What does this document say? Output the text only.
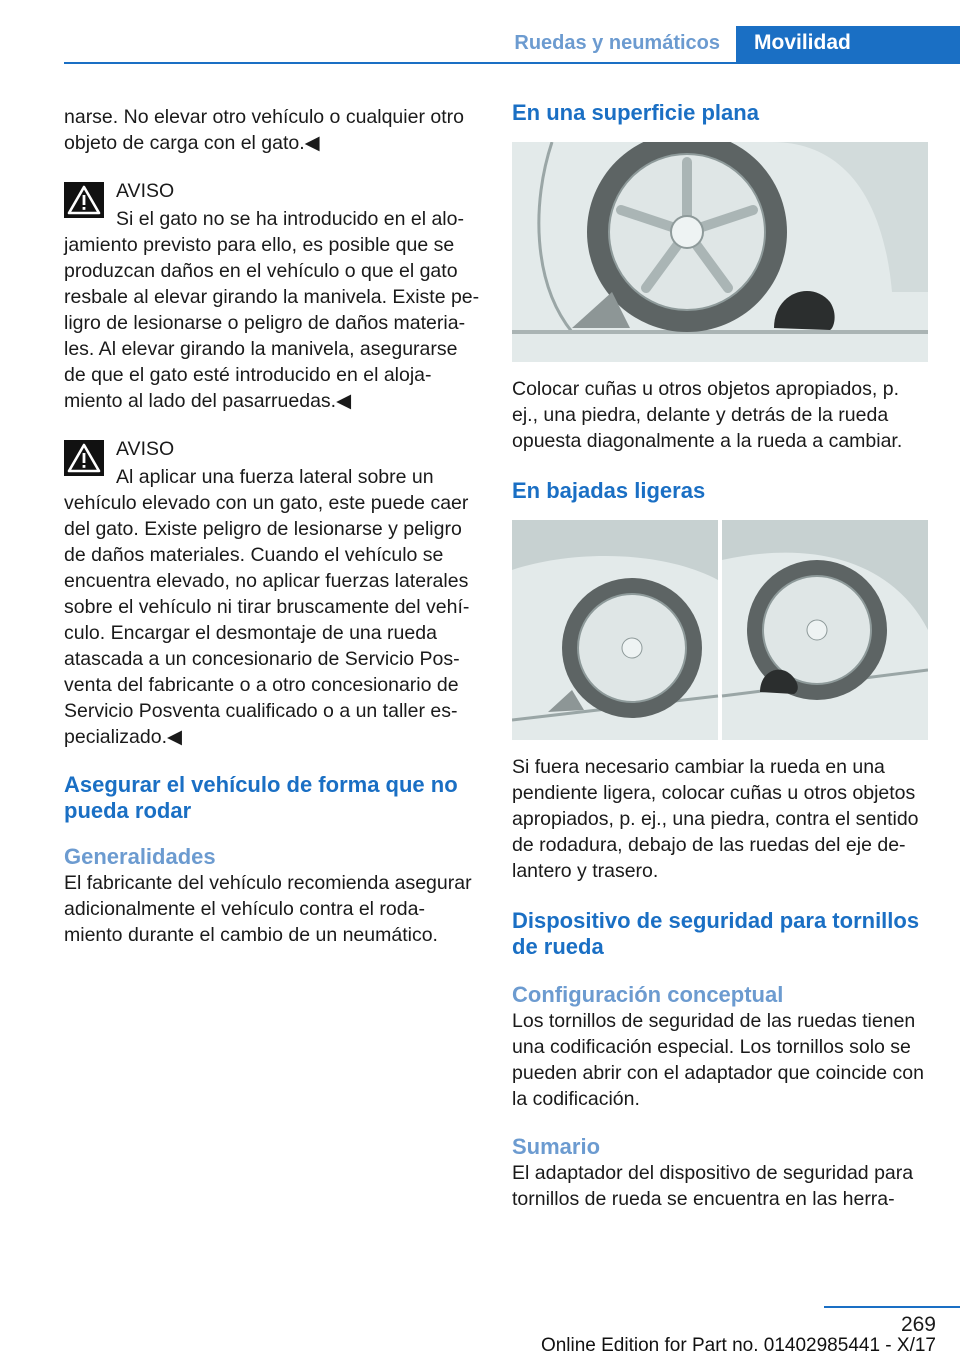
Ruedas y neumáticos	Movilidad

narse. No elevar otro vehículo o cualquier otro objeto de carga con el gato.◀

AVISO

Si el gato no se ha introducido en el alo-jamiento previsto para ello, es posible que se produzcan daños en el vehículo o que el gato resbale al elevar girando la manivela. Existe pe-ligro de lesionarse o peligro de daños materia-les. Al elevar girando la manivela, asegurarse de que el gato esté introducido en el aloja-miento al lado del pasarruedas.◀

AVISO

Al aplicar una fuerza lateral sobre un vehículo elevado con un gato, este puede caer del gato. Existe peligro de lesionarse y peligro de daños materiales. Cuando el vehículo se encuentra elevado, no aplicar fuerzas laterales sobre el vehículo ni tirar bruscamente del vehí-culo. Encargar el desmontaje de una rueda atascada a un concesionario de Servicio Pos-venta del fabricante o a otro concesionario de Servicio Posventa cualificado o a un taller es-pecializado.◀

Asegurar el vehículo de forma que no pueda rodar
Generalidades

El fabricante del vehículo recomienda asegurar adicionalmente el vehículo contra el roda-miento durante el cambio de un neumático.

En una superficie plana

Colocar cuñas u otros objetos apropiados, p. ej., una piedra, delante y detrás de la rueda opuesta diagonalmente a la rueda a cambiar.

En bajadas ligeras

Si fuera necesario cambiar la rueda en una pendiente ligera, colocar cuñas u otros objetos apropiados, p. ej., una piedra, contra el sentido de rodadura, debajo de las ruedas del eje de-lantero y trasero.

Dispositivo de seguridad para tornillos de rueda
Configuración conceptual

Los tornillos de seguridad de las ruedas tienen una codificación especial. Los tornillos solo se pueden abrir con el adaptador que coincide con la codificación.

Sumario

El adaptador del dispositivo de seguridad para tornillos de rueda se encuentra en las herra-

269
Online Edition for Part no. 01402985441 - X/17
